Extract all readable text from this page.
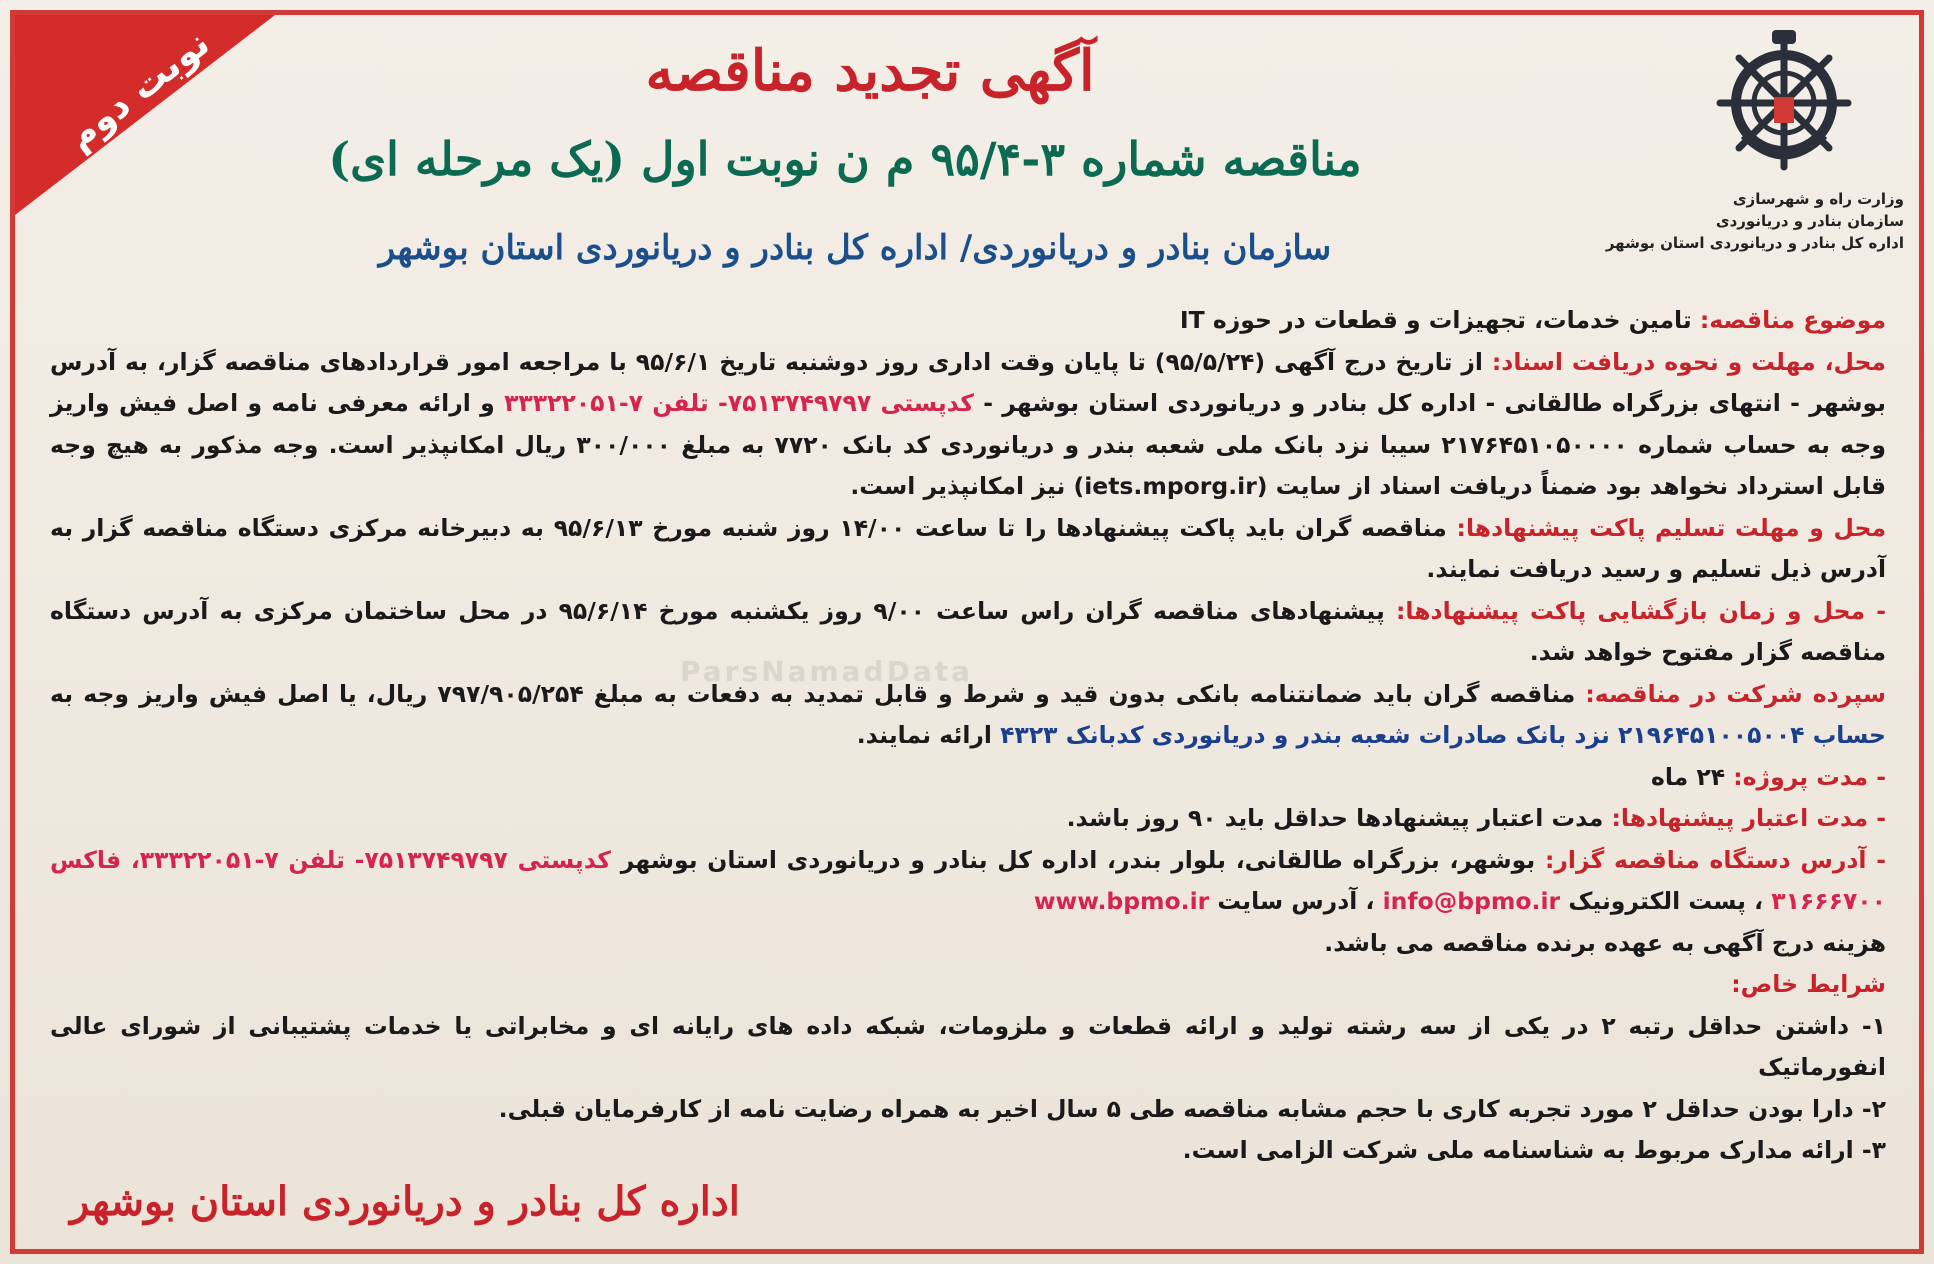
نوبت دوم
وزارت راه و شهرسازی
سازمان بنادر و دریانوردی
اداره کل بنادر و دریانوردی استان بوشهر
آگهی تجدید مناقصه
مناقصه شماره ۳-۹۵/۴ م ن نوبت اول (یک مرحله ای)
سازمان بنادر و دریانوردی/ اداره کل بنادر و دریانوردی استان بوشهر

موضوع مناقصه: تامین خدمات، تجهیزات و قطعات در حوزه IT

محل، مهلت و نحوه دریافت اسناد: از تاریخ درج آگهی (۹۵/۵/۲۴) تا پایان وقت اداری روز دوشنبه تاریخ ۹۵/۶/۱ با مراجعه امور قراردادهای مناقصه گزار، به آدرس بوشهر - انتهای بزرگراه طالقانی - اداره کل بنادر و دریانوردی استان بوشهر - کدپستی ۷۵۱۳۷۴۹۷۹۷- تلفن ۷-۳۳۳۲۲۰۵۱ و ارائه معرفی نامه و اصل فیش واریز وجه به حساب شماره ۲۱۷۶۴۵۱۰۵۰۰۰۰ سیبا نزد بانک ملی شعبه بندر و دریانوردی کد بانک ۷۷۲۰ به مبلغ ۳۰۰/۰۰۰ ریال امکانپذیر است. وجه مذکور به هیچ وجه قابل استرداد نخواهد بود ضمناً دریافت اسناد از سایت (iets.mporg.ir) نیز امکانپذیر است.

محل و مهلت تسلیم پاکت پیشنهادها: مناقصه گران باید پاکت پیشنهادها را تا ساعت ۱۴/۰۰ روز شنبه مورخ ۹۵/۶/۱۳ به دبیرخانه مرکزی دستگاه مناقصه گزار به آدرس ذیل تسلیم و رسید دریافت نمایند.

- محل و زمان بازگشایی پاکت پیشنهادها: پیشنهادهای مناقصه گران راس ساعت ۹/۰۰ روز یکشنبه مورخ ۹۵/۶/۱۴ در محل ساختمان مرکزی به آدرس دستگاه مناقصه گزار مفتوح خواهد شد.

سپرده شرکت در مناقصه: مناقصه گران باید ضمانتنامه بانکی بدون قید و شرط و قابل تمدید به دفعات به مبلغ ۷۹۷/۹۰۵/۲۵۴ ریال، یا اصل فیش واریز وجه به حساب ۲۱۹۶۴۵۱۰۰۵۰۰۴ نزد بانک صادرات شعبه بندر و دریانوردی کدبانک ۴۳۲۳ ارائه نمایند.

- مدت پروژه: ۲۴ ماه

- مدت اعتبار پیشنهادها: مدت اعتبار پیشنهادها حداقل باید ۹۰ روز باشد.

- آدرس دستگاه مناقصه گزار: بوشهر، بزرگراه طالقانی، بلوار بندر، اداره کل بنادر و دریانوردی استان بوشهر کدپستی ۷۵۱۳۷۴۹۷۹۷- تلفن ۷-۳۳۳۲۲۰۵۱، فاکس ۳۱۶۶۶۷۰۰ ، پست الکترونیک info@bpmo.ir ، آدرس سایت www.bpmo.ir

هزینه درج آگهی به عهده برنده مناقصه می باشد.

شرایط خاص:

۱- داشتن حداقل رتبه ۲ در یکی از سه رشته تولید و ارائه قطعات و ملزومات، شبکه داده های رایانه ای و مخابراتی یا خدمات پشتیبانی از شورای عالی انفورماتیک

۲- دارا بودن حداقل ۲ مورد تجربه کاری با حجم مشابه مناقصه طی ۵ سال اخیر به همراه رضایت نامه از کارفرمایان قبلی.

۳- ارائه مدارک مربوط به شناسنامه ملی شرکت الزامی است.

ParsNamadData
اداره کل بنادر و دریانوردی استان بوشهر
